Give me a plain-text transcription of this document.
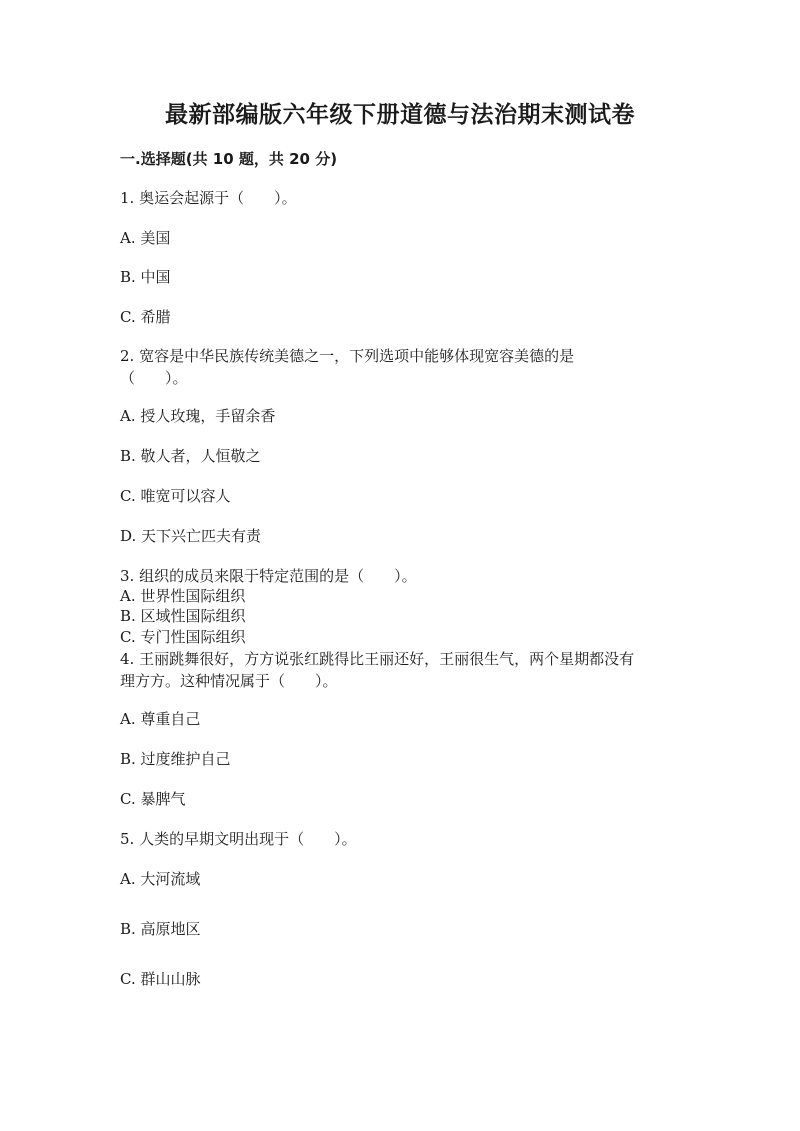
最新部编版六年级下册道德与法治期末测试卷
一.选择题(共 10 题，共 20 分)
1. 奥运会起源于（　　）。
A. 美国
B. 中国
C. 希腊
2. 宽容是中华民族传统美德之一，下列选项中能够体现宽容美德的是
（　　）。
A. 授人玫瑰，手留余香
B. 敬人者，人恒敬之
C. 唯宽可以容人
D. 天下兴亡匹夫有责
3. 组织的成员来限于特定范围的是（　　）。
A. 世界性国际组织
B. 区域性国际组织
C. 专门性国际组织
4. 王丽跳舞很好，方方说张红跳得比王丽还好，王丽很生气，两个星期都没有
理方方。这种情况属于（　　）。
A. 尊重自己
B. 过度维护自己
C. 暴脾气
5. 人类的早期文明出现于（　　）。
A. 大河流域
B. 高原地区
C. 群山山脉
